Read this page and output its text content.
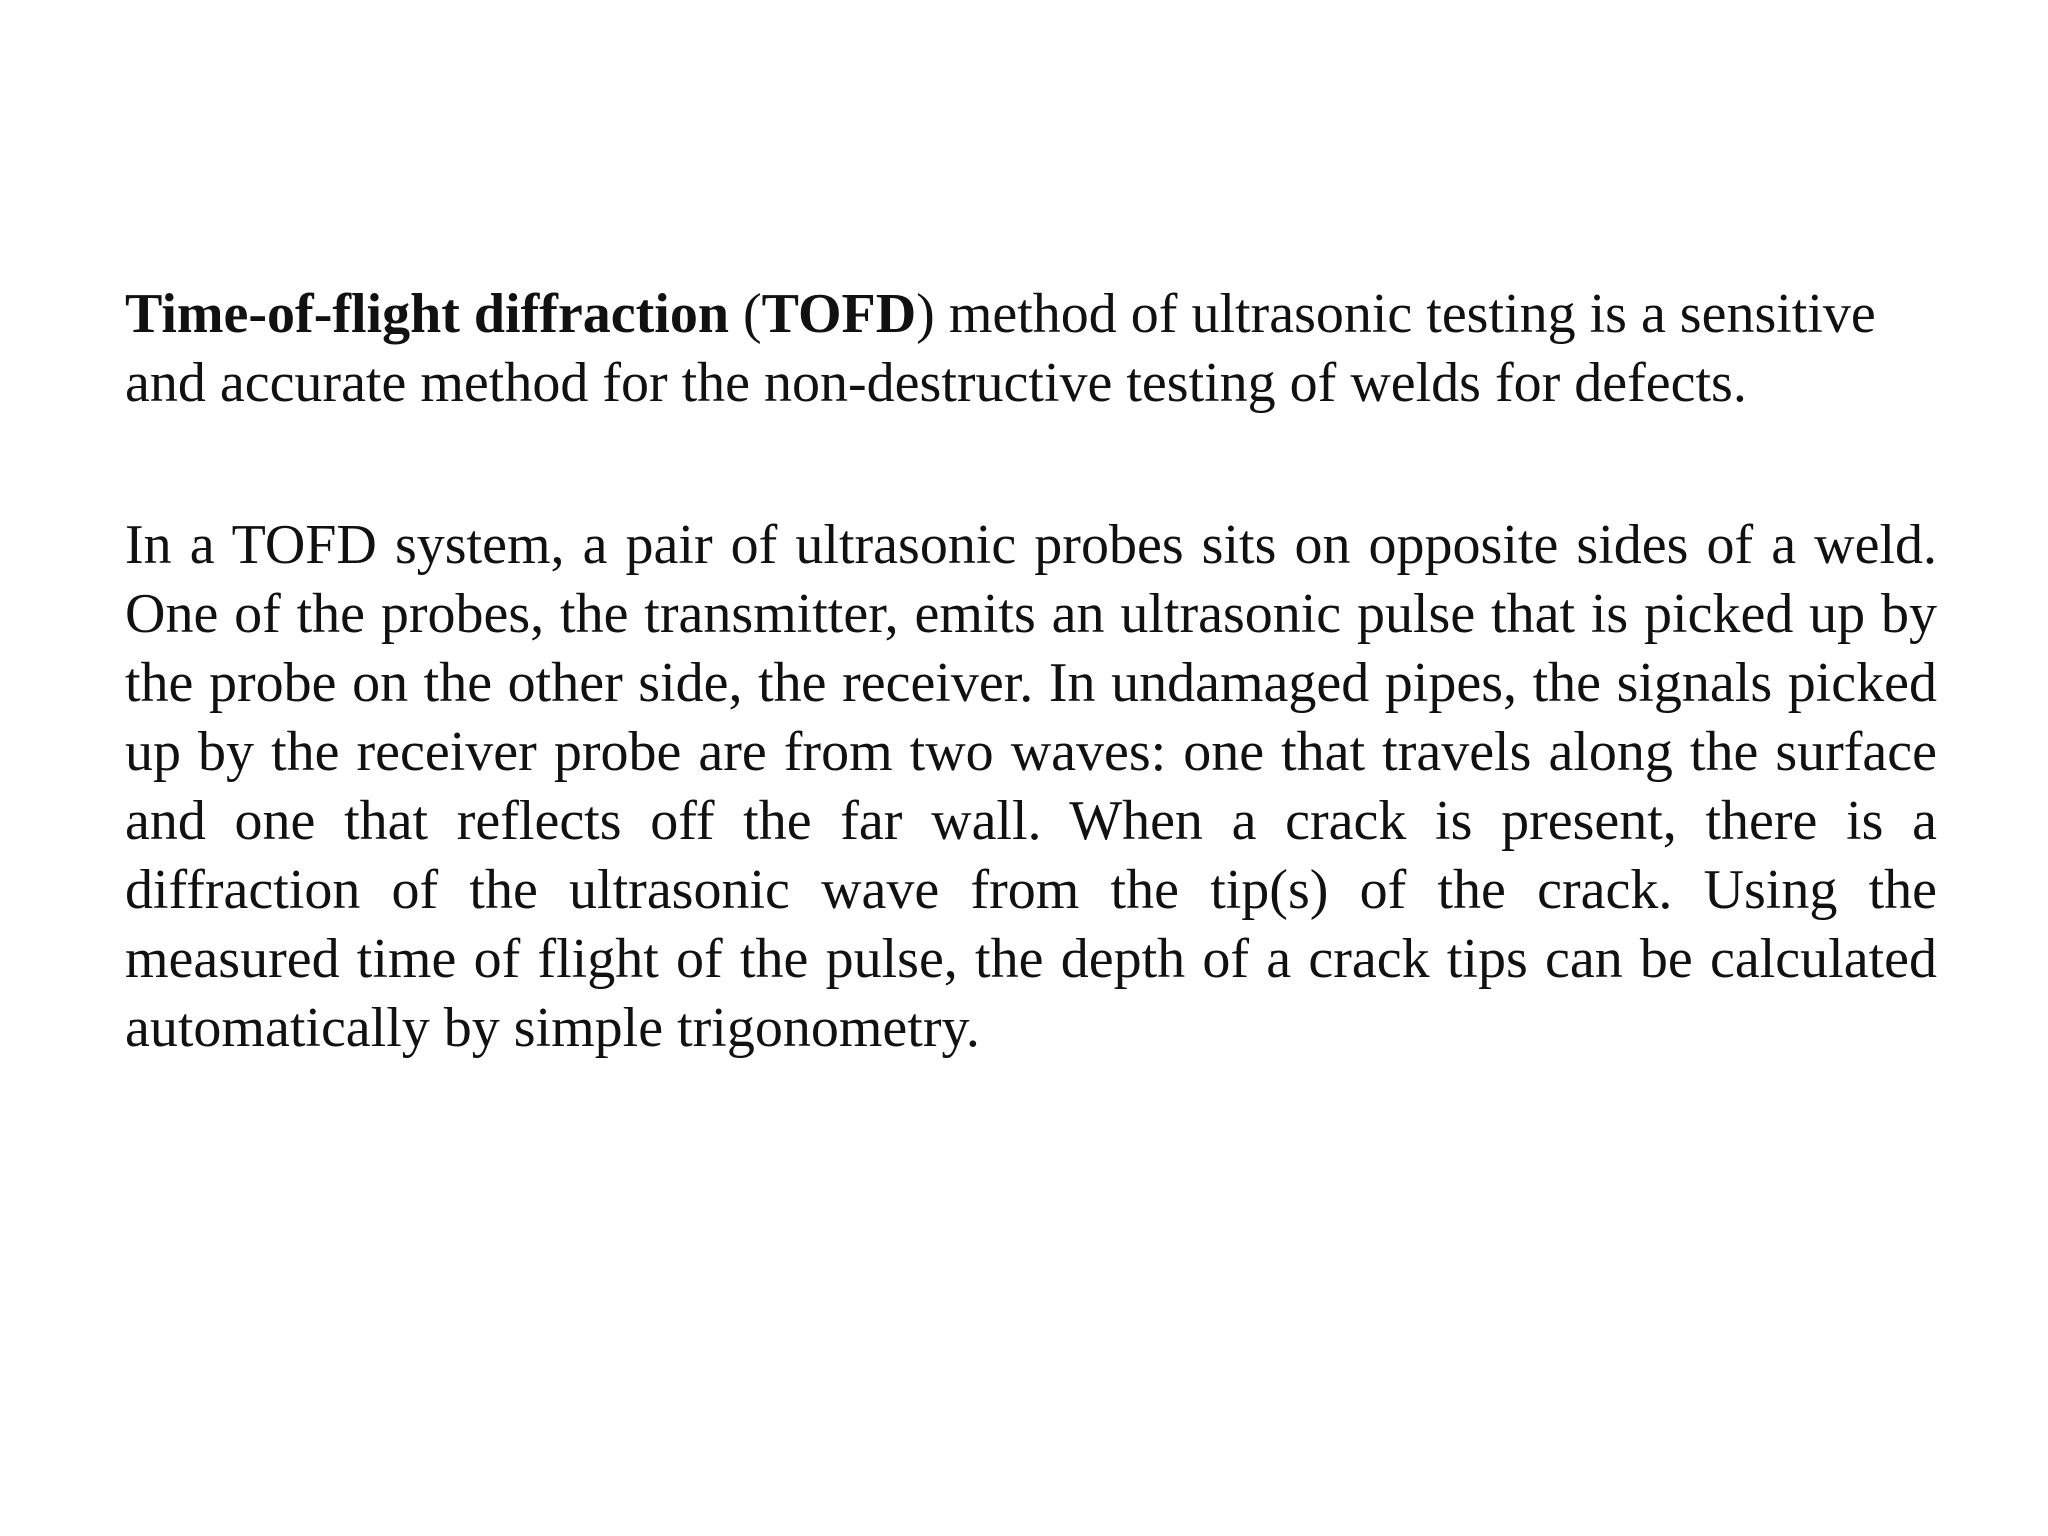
Time-of-flight diffraction (TOFD) method of ultrasonic testing is a sensitive and accurate method for the non-destructive testing of welds for defects.

In a TOFD system, a pair of ultrasonic probes sits on opposite sides of a weld. One of the probes, the transmitter, emits an ultrasonic pulse that is picked up by the probe on the other side, the receiver. In undamaged pipes, the signals picked up by the receiver probe are from two waves: one that travels along the surface and one that reflects off the far wall. When a crack is present, there is a diffraction of the ultrasonic wave from the tip(s) of the crack. Using the measured time of flight of the pulse, the depth of a crack tips can be calculated automatically by simple trigonometry.
